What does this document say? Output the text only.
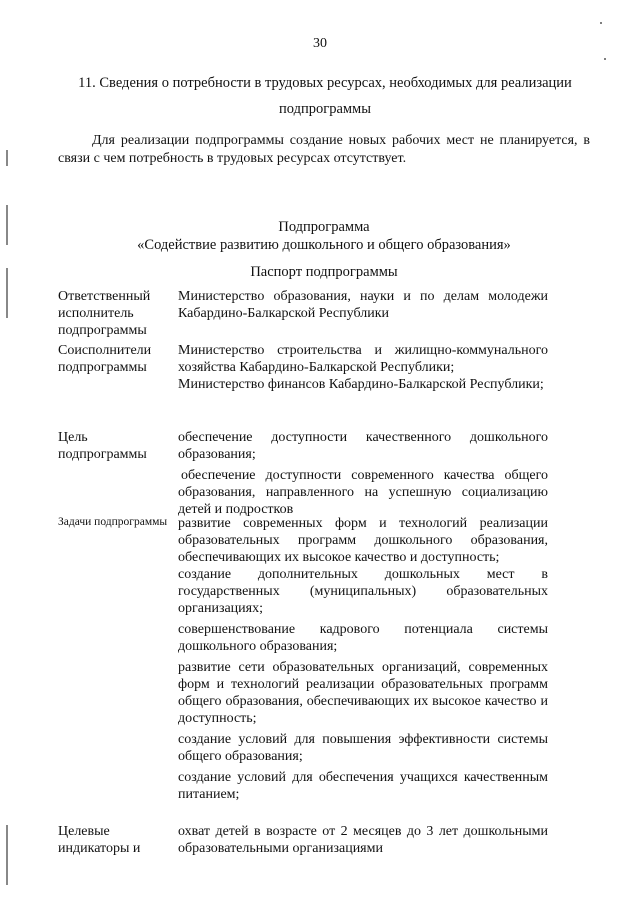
30
11. Сведения о потребности в трудовых ресурсах, необходимых для реализации подпрограммы
Для реализации подпрограммы создание новых рабочих мест не планируется, в связи с чем потребность в трудовых ресурсах отсутствует.
Подпрограмма
«Содействие развитию дошкольного и общего образования»
Паспорт подпрограммы
Ответственный исполнитель подпрограммы

Министерство образования, науки и по делам молодежи Кабардино-Балкарской Республики

Соисполнители подпрограммы

Министерство строительства и жилищно-коммунального хозяйства Кабардино-Балкарской Республики;

Министерство финансов Кабардино-Балкарской Республики;

Цель подпрограммы

обеспечение доступности качественного дошкольного образования;

обеспечение доступности современного качества общего образования, направленного на успешную социализацию детей и подростков

Задачи подпрограммы развитие современных форм и технологий реализации образовательных программ дошкольного образования, обеспечивающих их высокое качество и доступность;

создание дополнительных дошкольных мест в государственных (муниципальных) образовательных организациях;

совершенствование кадрового потенциала системы дошкольного образования;

развитие сети образовательных организаций, современных форм и технологий реализации образовательных программ общего образования, обеспечивающих их высокое качество и доступность;

создание условий для повышения эффективности системы общего образования;

создание условий для обеспечения учащихся качественным питанием;

Целевые индикаторы и

охват детей в возрасте от 2 месяцев до 3 лет дошкольными образовательными организациями
